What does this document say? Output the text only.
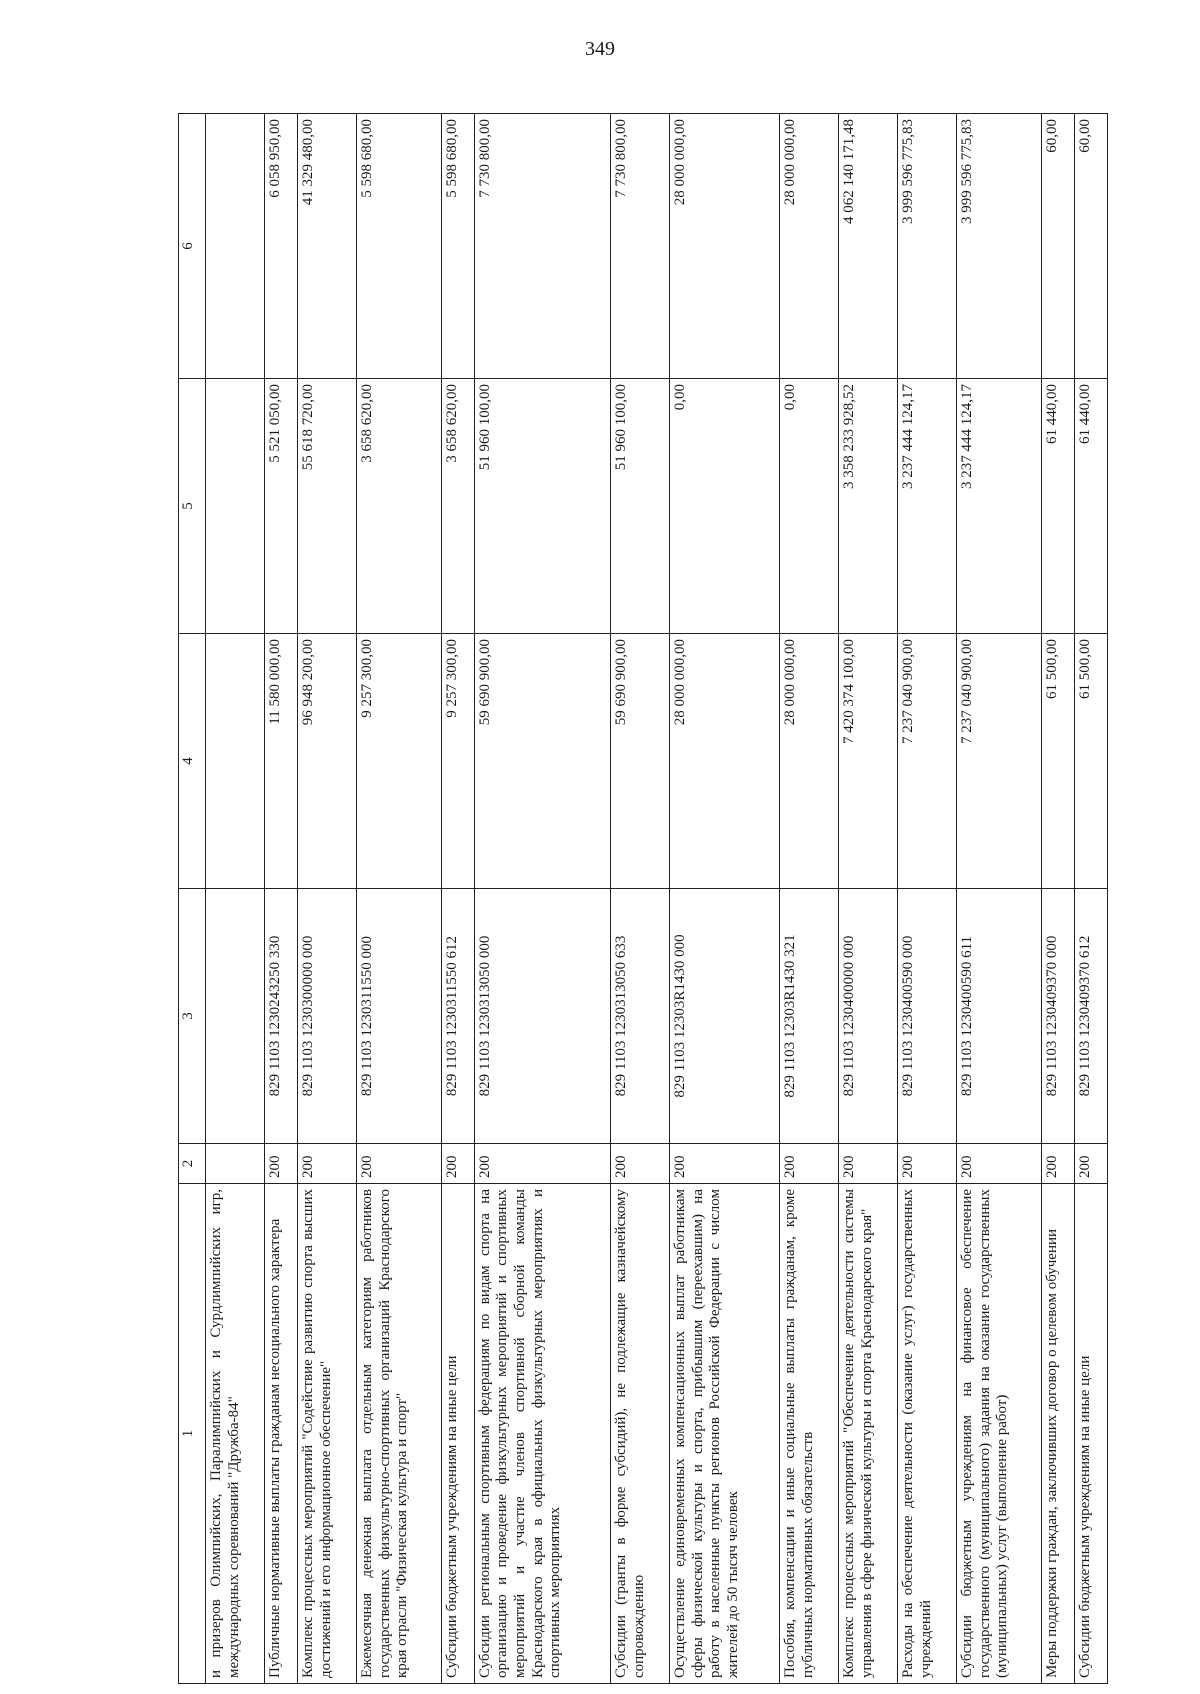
349
1	2	3	4	5	6
и призеров Олимпийских, Паралимпийских и Сурдлимпийских игр, международных соревнований "Дружба-84"					
Публичные нормативные выплаты гражданам несоциального характера	200	829 1103 1230243250 330	11 580 000,00	5 521 050,00	6 058 950,00
Комплекс процессных мероприятий "Содействие развитию спорта высших достижений и его информационное обеспечение"	200	829 1103 1230300000 000	96 948 200,00	55 618 720,00	41 329 480,00
Ежемесячная денежная выплата отдельным категориям работников государственных физкультурно-спортивных организаций Краснодарского края отрасли "Физическая культура и спорт"	200	829 1103 1230311550 000	9 257 300,00	3 658 620,00	5 598 680,00
Субсидии бюджетным учреждениям на иные цели	200	829 1103 1230311550 612	9 257 300,00	3 658 620,00	5 598 680,00
Субсидии региональным спортивным федерациям по видам спорта на организацию и проведение физкультурных мероприятий и спортивных мероприятий и участие членов спортивной сборной команды Краснодарского края в официальных физкультурных мероприятиях и спортивных мероприятиях	200	829 1103 1230313050 000	59 690 900,00	51 960 100,00	7 730 800,00
Субсидии (гранты в форме субсидий), не подлежащие казначейскому сопровождению	200	829 1103 1230313050 633	59 690 900,00	51 960 100,00	7 730 800,00
Осуществление единовременных компенсационных выплат работникам сферы физической культуры и спорта, прибывшим (переехавшим) на работу в населенные пункты регионов Российской Федерации с числом жителей до 50 тысяч человек	200	829 1103 12303R1430 000	28 000 000,00	0,00	28 000 000,00
Пособия, компенсации и иные социальные выплаты гражданам, кроме публичных нормативных обязательств	200	829 1103 12303R1430 321	28 000 000,00	0,00	28 000 000,00
Комплекс процессных мероприятий "Обеспечение деятельности системы управления в сфере физической культуры и спорта Краснодарского края"	200	829 1103 1230400000 000	7 420 374 100,00	3 358 233 928,52	4 062 140 171,48
Расходы на обеспечение деятельности (оказание услуг) государственных учреждений	200	829 1103 1230400590 000	7 237 040 900,00	3 237 444 124,17	3 999 596 775,83
Субсидии бюджетным учреждениям на финансовое обеспечение государственного (муниципального) задания на оказание государственных (муниципальных) услуг (выполнение работ)	200	829 1103 1230400590 611	7 237 040 900,00	3 237 444 124,17	3 999 596 775,83
Меры поддержки граждан, заключивших договор о целевом обучении	200	829 1103 1230409370 000	61 500,00	61 440,00	60,00
Субсидии бюджетным учреждениям на иные цели	200	829 1103 1230409370 612	61 500,00	61 440,00	60,00
